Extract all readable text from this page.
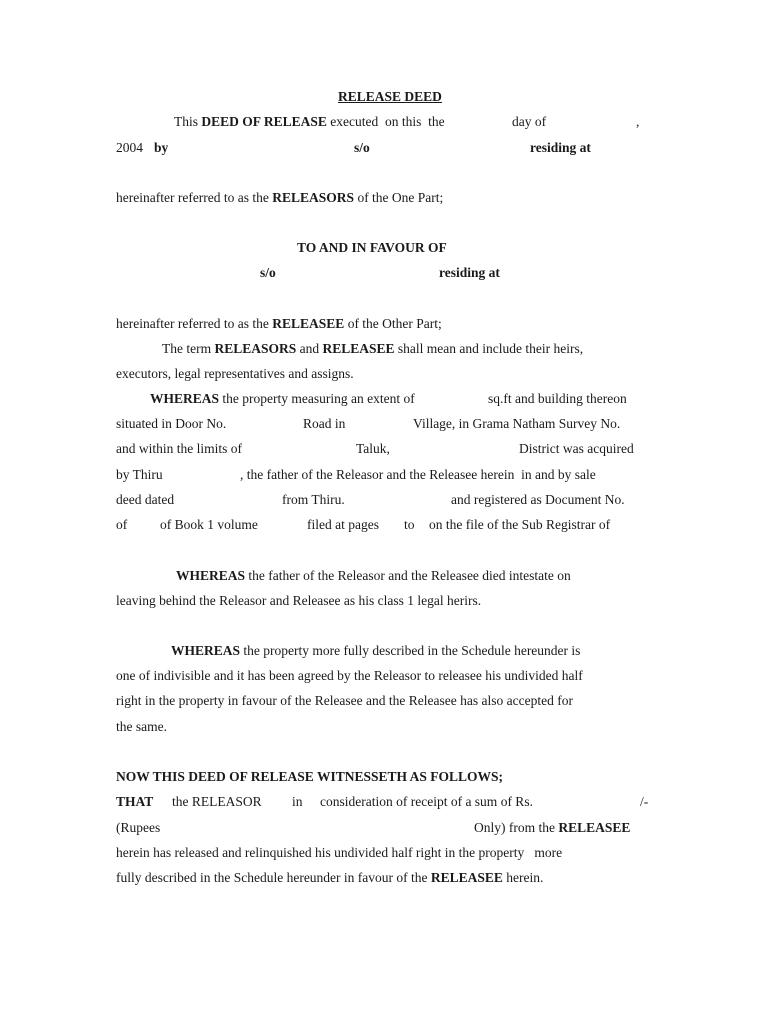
RELEASE DEED
This DEED OF RELEASE executed  on this  the	day of	,
2004 by	s/o	residing at
hereinafter referred to as the RELEASORS of the One Part;
TO AND IN FAVOUR OF
s/o	residing at
hereinafter referred to as the RELEASEE of the Other Part;
The term RELEASORS and RELEASEE shall mean and include their heirs,
executors, legal representatives and assigns.
WHEREAS the property measuring an extent of	sq.ft and building thereon
situated in Door No.	Road in	Village, in Grama Natham Survey No.
and within the limits of	Taluk,	District was acquired
by Thiru	, the father of the Releasor and the Releasee herein  in and by sale
deed dated	from Thiru.	and registered as Document No.
of of Book 1 volume	filed at pages to on the file of the Sub Registrar of
WHEREAS the father of the Releasor and the Releasee died intestate on
leaving behind the Releasor and Releasee as his class 1 legal herirs.
WHEREAS the property more fully described in the Schedule hereunder is
one of indivisible and it has been agreed by the Releasor to releasee his undivided half
right in the property in favour of the Releasee and the Releasee has also accepted for
the same.
NOW THIS DEED OF RELEASE WITNESSETH AS FOLLOWS;
THAT the RELEASOR in consideration of receipt of a sum of Rs.	/-
(Rupees	Only) from the RELEASEE
herein has released and relinquished his undivided half right in the property   more
fully described in the Schedule hereunder in favour of the RELEASEE herein.
